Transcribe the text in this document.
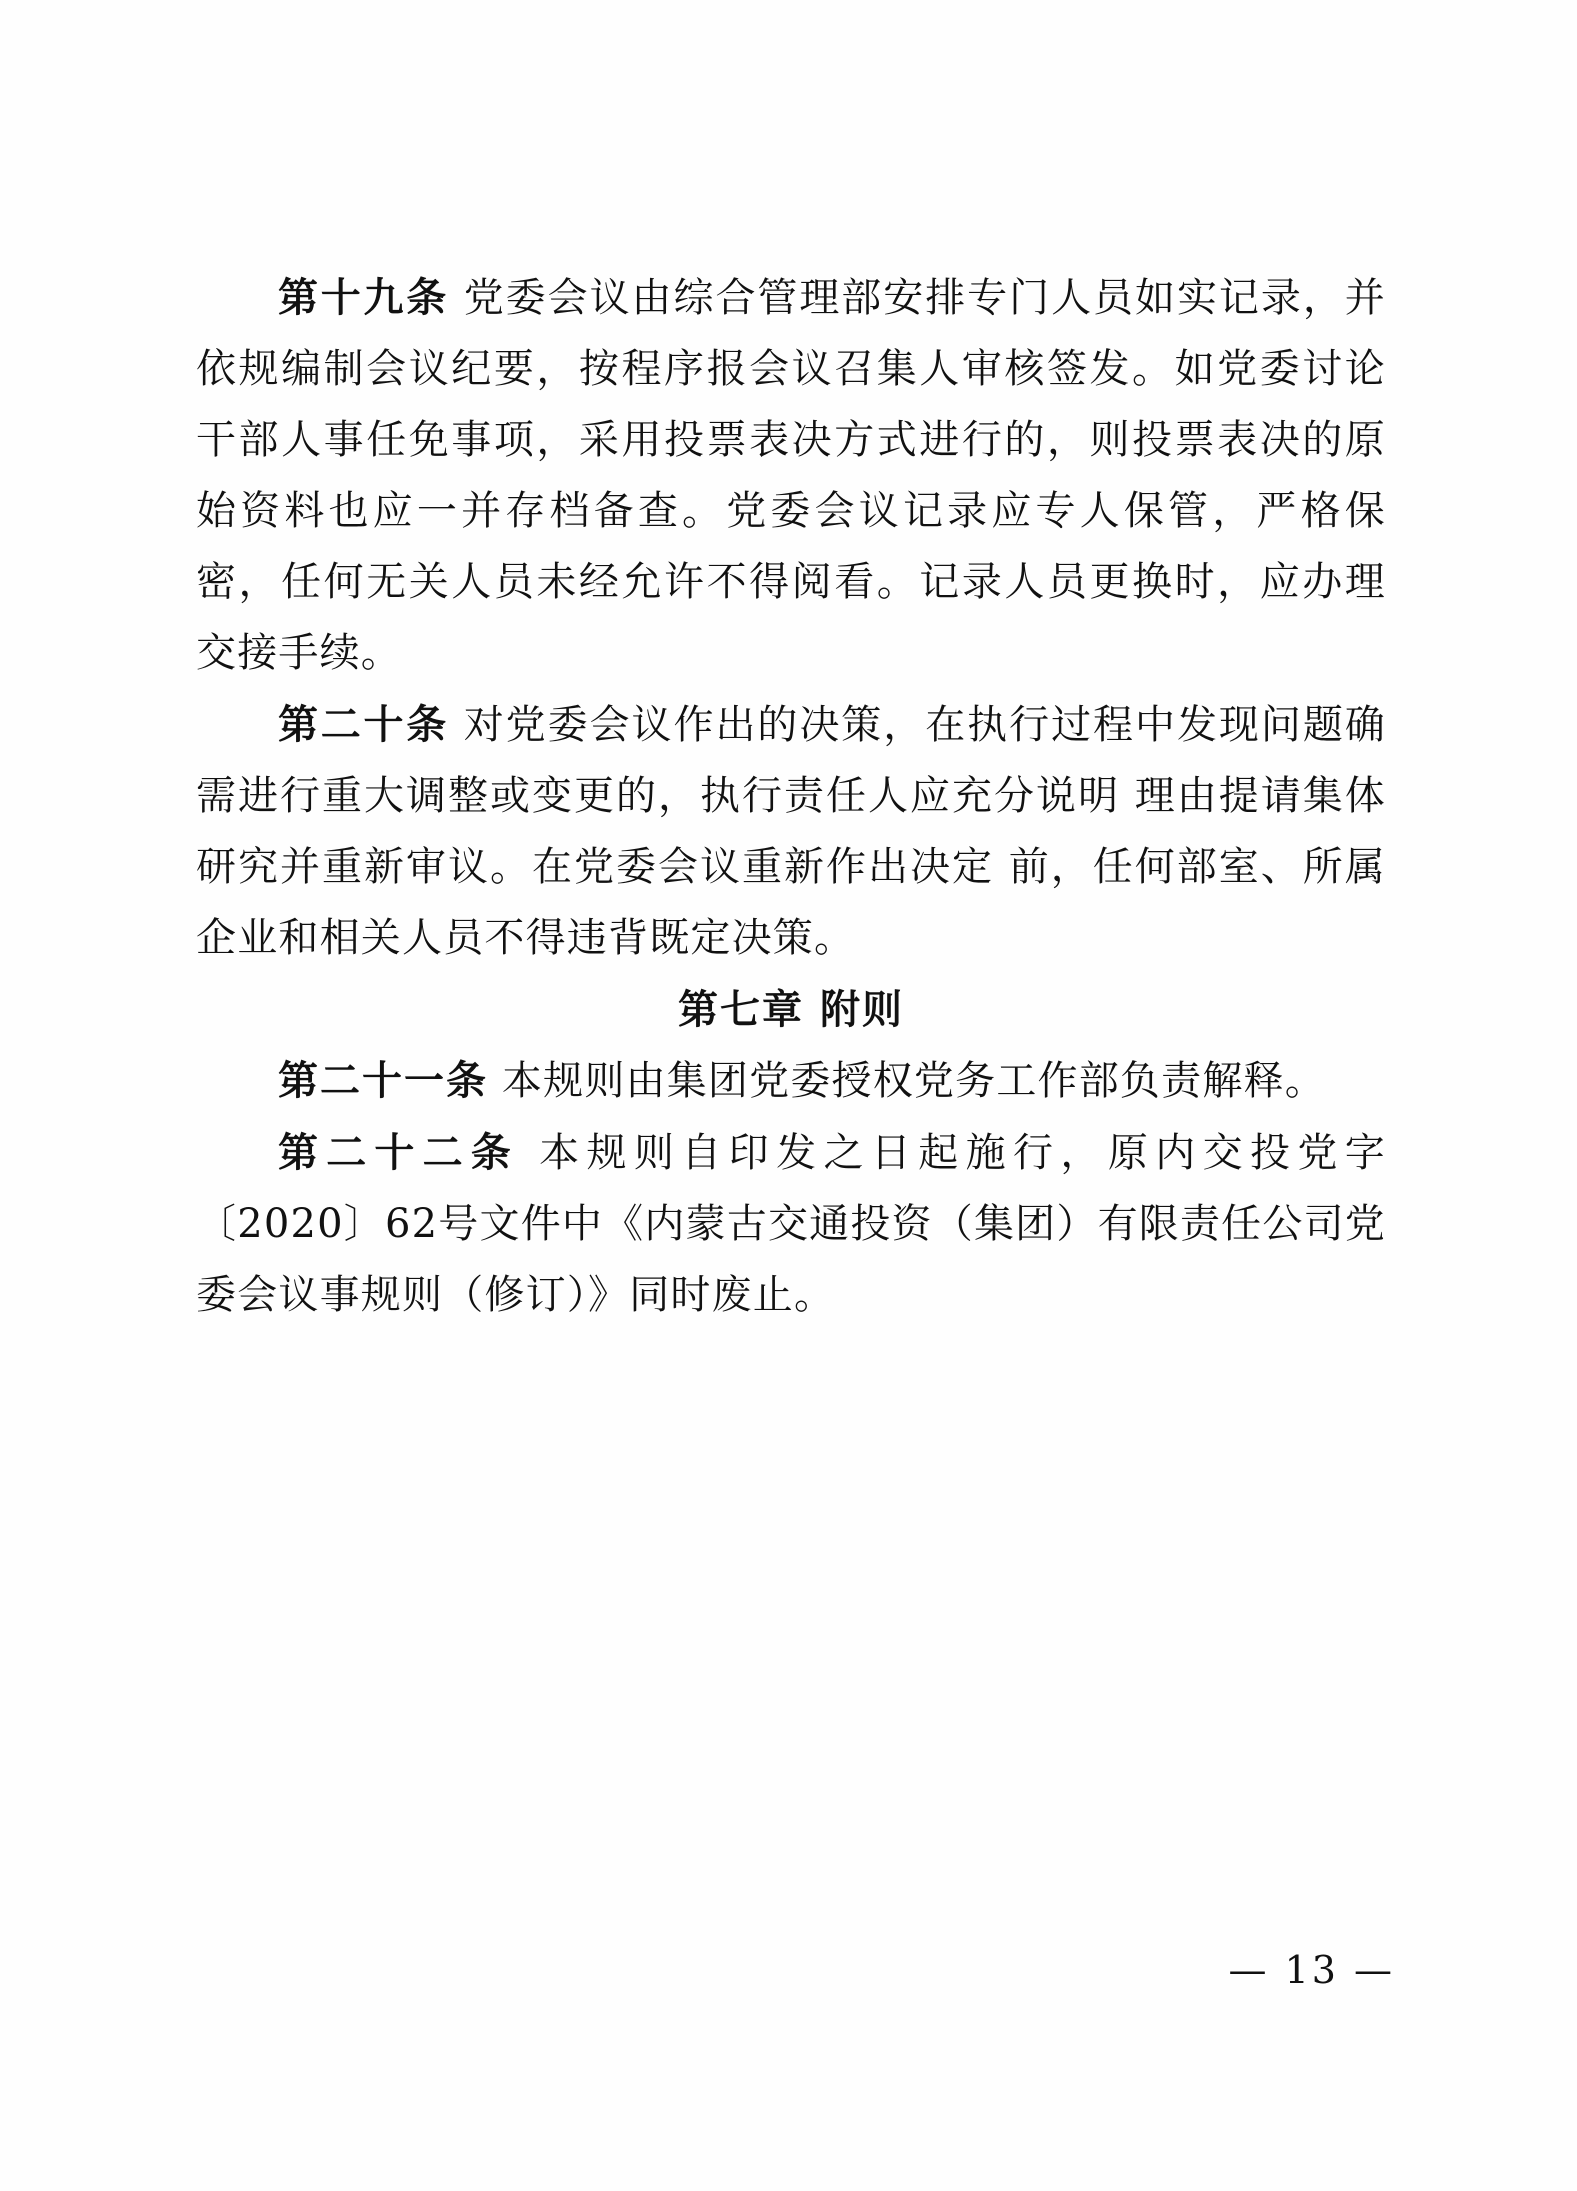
第十九条 党委会议由综合管理部安排专门人员如实记录，并依规编制会议纪要，按程序报会议召集人审核签发。如党委讨论干部人事任免事项，采用投票表决方式进行的，则投票表决的原始资料也应一并存档备查。党委会议记录应专人保管，严格保密，任何无关人员未经允许不得阅看。记录人员更换时，应办理交接手续。

第二十条 对党委会议作出的决策，在执行过程中发现问题确需进行重大调整或变更的，执行责任人应充分说明 理由提请集体研究并重新审议。在党委会议重新作出决定 前，任何部室、所属企业和相关人员不得违背既定决策。

第七章 附则

第二十一条 本规则由集团党委授权党务工作部负责解释。

第二十二条 本规则自印发之日起施行，原内交投党字〔2020〕62号文件中《内蒙古交通投资（集团）有限责任公司党委会议事规则（修订）》同时废止。

— 13 —
